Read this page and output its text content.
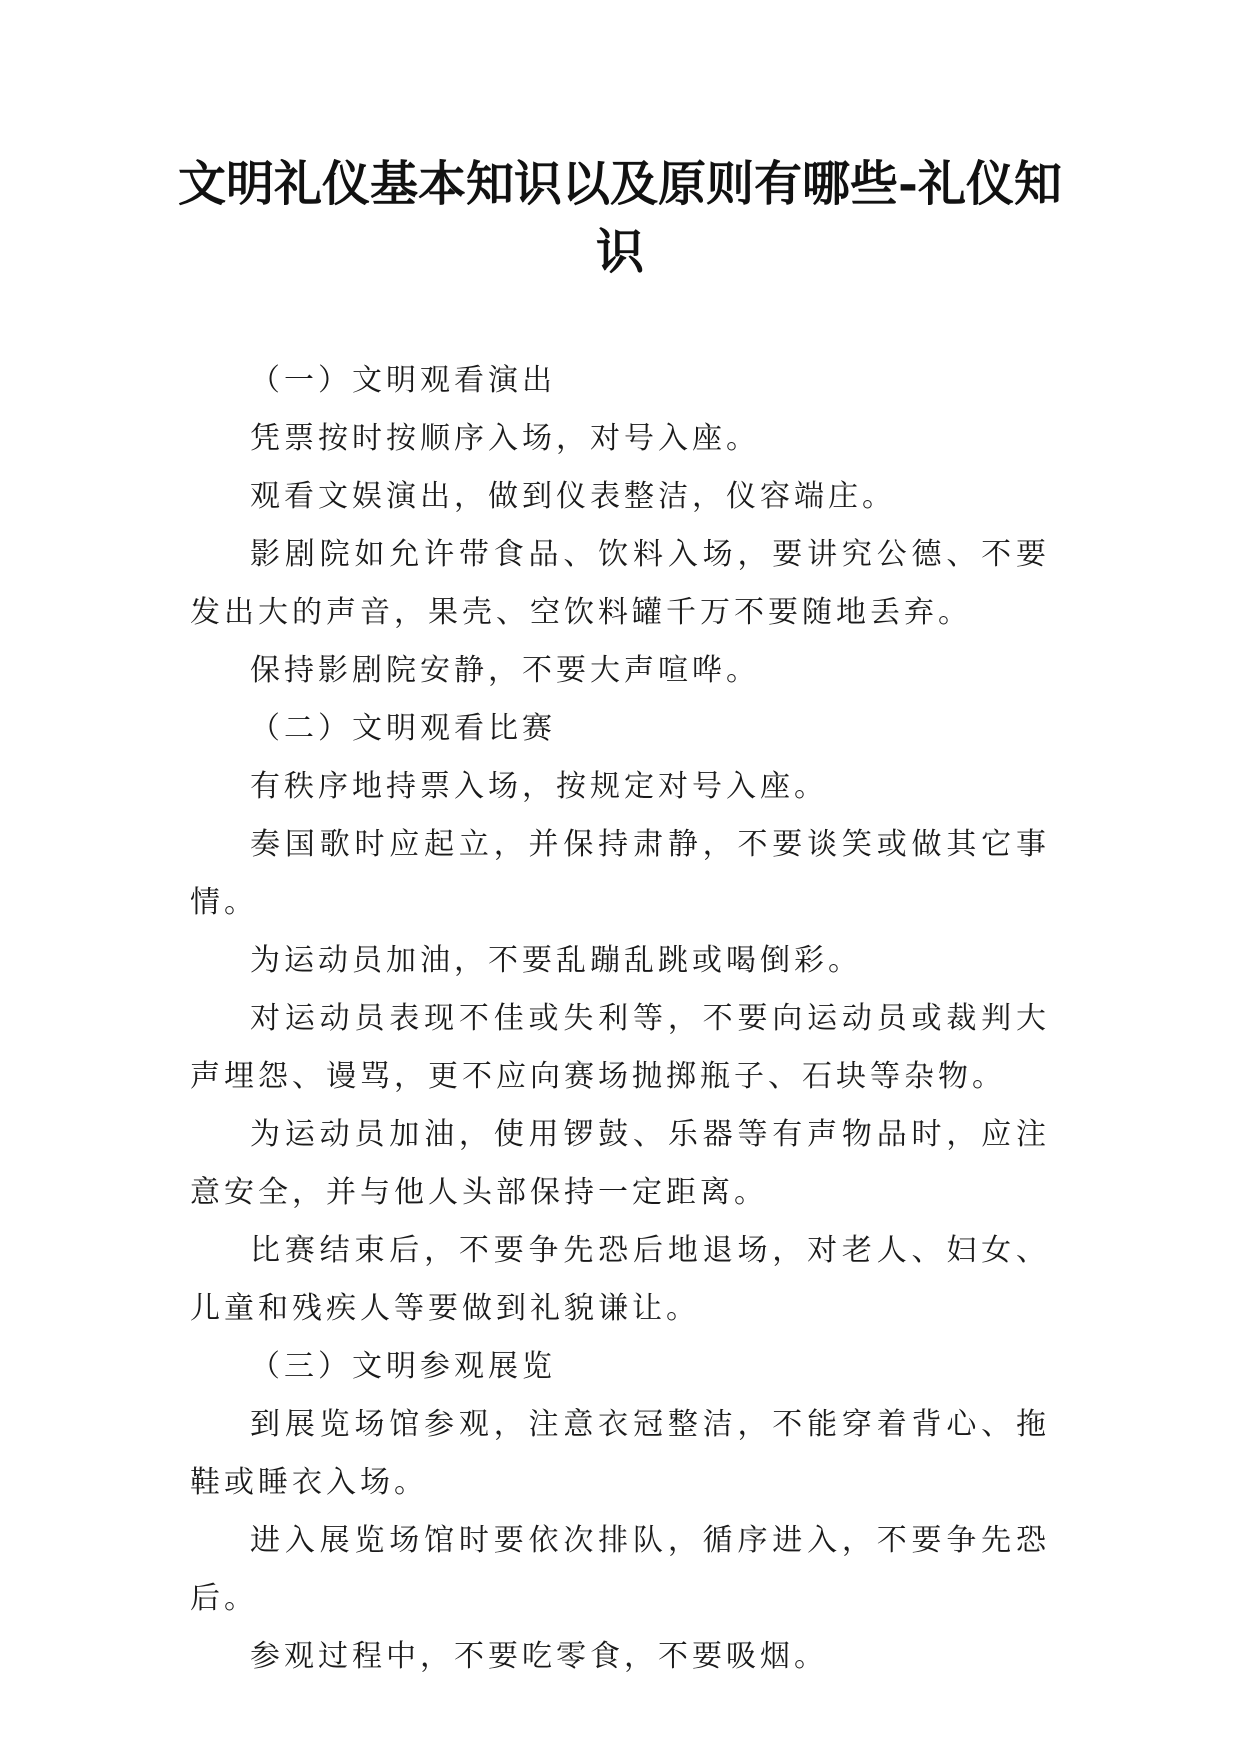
文明礼仪基本知识以及原则有哪些-礼仪知识

（一）文明观看演出

凭票按时按顺序入场，对号入座。

观看文娱演出，做到仪表整洁，仪容端庄。

影剧院如允许带食品、饮料入场，要讲究公德、不要发出大的声音，果壳、空饮料罐千万不要随地丢弃。

保持影剧院安静，不要大声喧哗。

（二）文明观看比赛

有秩序地持票入场，按规定对号入座。

奏国歌时应起立，并保持肃静，不要谈笑或做其它事情。

为运动员加油，不要乱蹦乱跳或喝倒彩。

对运动员表现不佳或失利等，不要向运动员或裁判大声埋怨、谩骂，更不应向赛场抛掷瓶子、石块等杂物。

为运动员加油，使用锣鼓、乐器等有声物品时，应注意安全，并与他人头部保持一定距离。

比赛结束后，不要争先恐后地退场，对老人、妇女、儿童和残疾人等要做到礼貌谦让。

（三）文明参观展览

到展览场馆参观，注意衣冠整洁，不能穿着背心、拖鞋或睡衣入场。

进入展览场馆时要依次排队，循序进入，不要争先恐后。

参观过程中，不要吃零食，不要吸烟。
